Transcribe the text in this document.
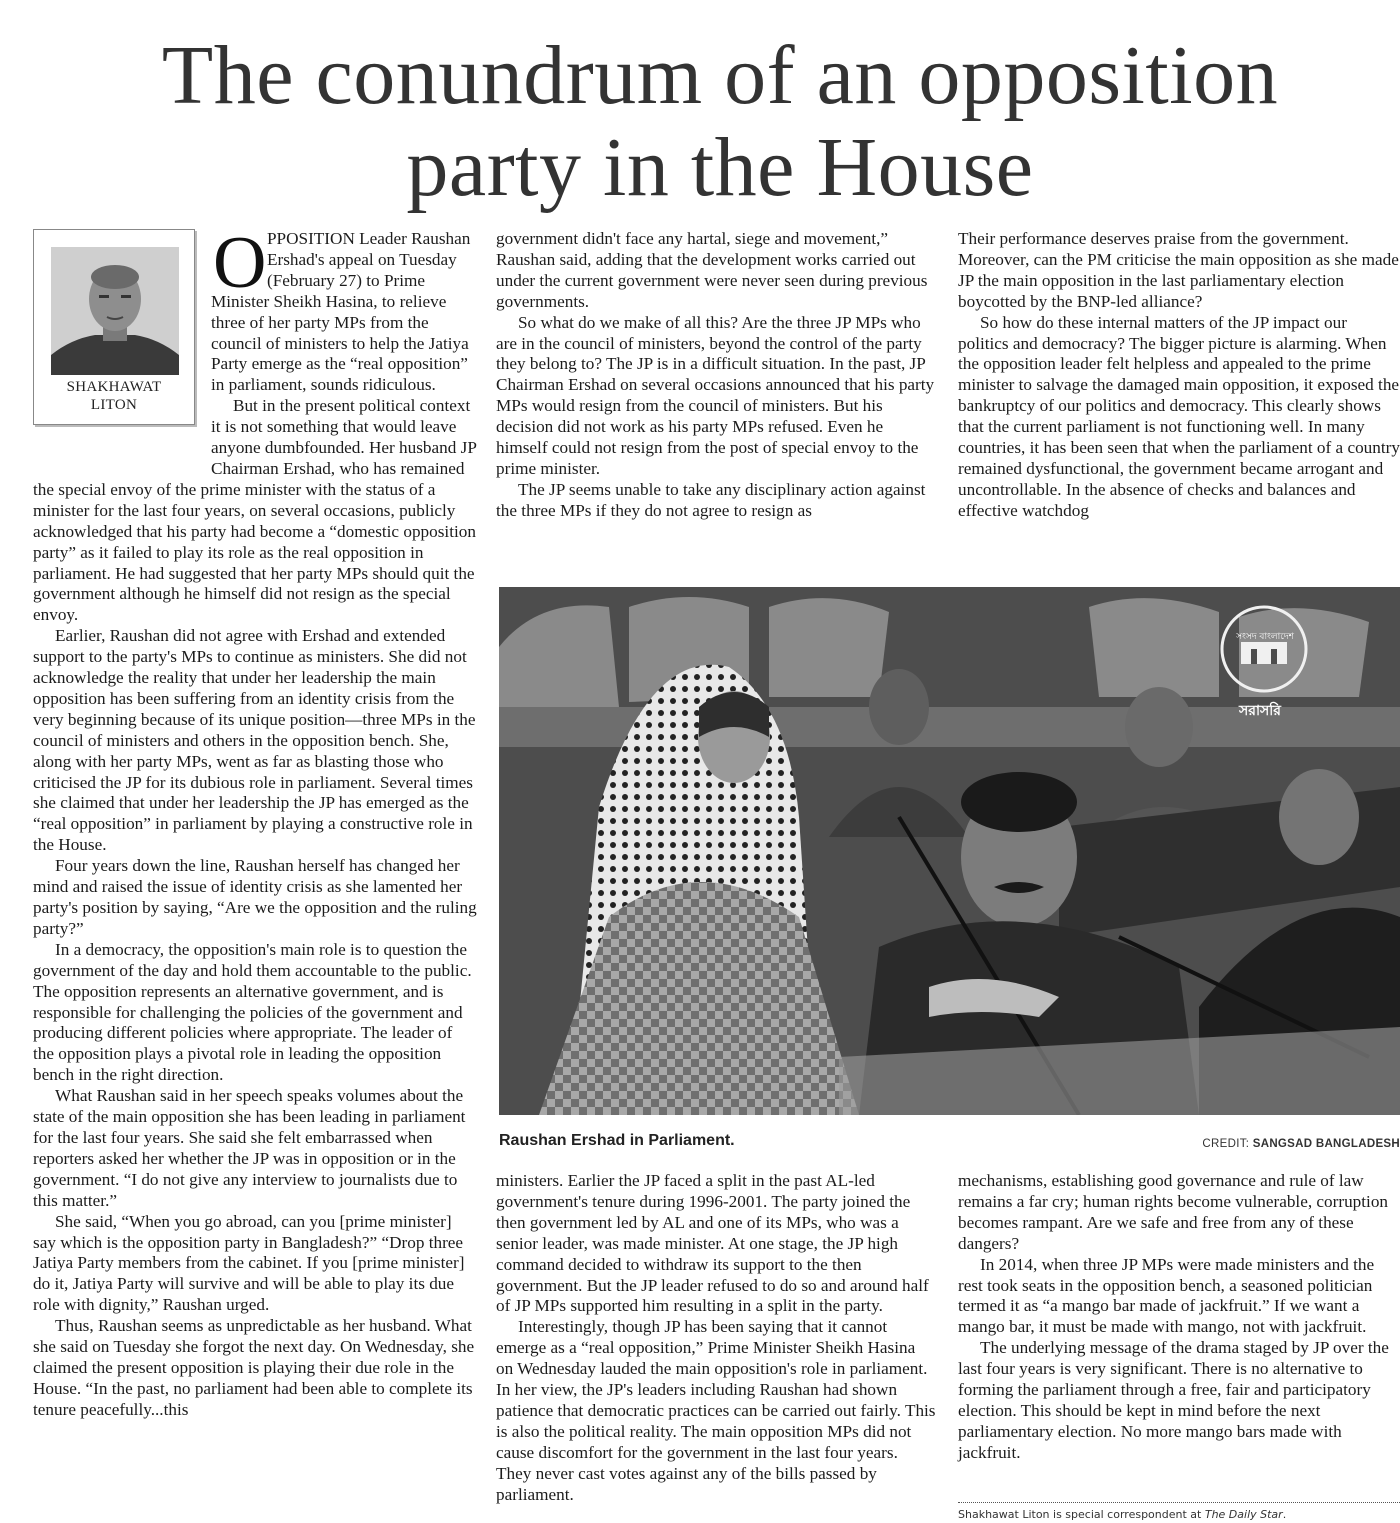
The conundrum of an opposition
party in the House
SHAKHAWAT
LITON
O PPOSITION Leader Raushan Ershad's appeal on Tuesday (February 27) to Prime Minister Sheikh Hasina, to relieve three of her party MPs from the council of ministers to help the Jatiya Party emerge as the “real opposition” in parliament, sounds ridiculous.

But in the present political context it is not something that would leave anyone dumbfounded. Her husband JP Chairman Ershad, who has remained the special envoy of the prime minister with the status of a minister for the last four years, on several occasions, publicly acknowledged that his party had become a “domestic opposition party” as it failed to play its role as the real opposition in parliament. He had suggested that her party MPs should quit the government although he himself did not resign as the special envoy.

Earlier, Raushan did not agree with Ershad and extended support to the party's MPs to continue as ministers. She did not acknowledge the reality that under her leadership the main opposition has been suffering from an identity crisis from the very beginning because of its unique position—three MPs in the council of ministers and others in the opposition bench. She, along with her party MPs, went as far as blasting those who criticised the JP for its dubious role in parliament. Several times she claimed that under her leadership the JP has emerged as the “real opposition” in parliament by playing a constructive role in the House.

Four years down the line, Raushan herself has changed her mind and raised the issue of identity crisis as she lamented her party's position by saying, “Are we the opposition and the ruling party?”

In a democracy, the opposition's main role is to question the government of the day and hold them accountable to the public. The opposition represents an alternative government, and is responsible for challenging the policies of the government and producing different policies where appropriate. The leader of the opposition plays a pivotal role in leading the opposition bench in the right direction.

What Raushan said in her speech speaks volumes about the state of the main opposition she has been leading in parliament for the last four years. She said she felt embarrassed when reporters asked her whether the JP was in opposition or in the government. “I do not give any interview to journalists due to this matter.”

She said, “When you go abroad, can you [prime minister] say which is the opposition party in Bangladesh?” “Drop three Jatiya Party members from the cabinet. If you [prime minister] do it, Jatiya Party will survive and will be able to play its due role with dignity,” Raushan urged.

Thus, Raushan seems as unpredictable as her husband. What she said on Tuesday she forgot the next day. On Wednesday, she claimed the present opposition is playing their due role in the House. “In the past, no parliament had been able to complete its tenure peacefully...this

government didn't face any hartal, siege and movement,” Raushan said, adding that the development works carried out under the current government were never seen during previous governments.

So what do we make of all this? Are the three JP MPs who are in the council of ministers, beyond the control of the party they belong to? The JP is in a difficult situation. In the past, JP Chairman Ershad on several occasions announced that his party MPs would resign from the council of ministers. But his decision did not work as his party MPs refused. Even he himself could not resign from the post of special envoy to the prime minister.

The JP seems unable to take any disciplinary action against the three MPs if they do not agree to resign as

Their performance deserves praise from the government. Moreover, can the PM criticise the main opposition as she made JP the main opposition in the last parliamentary election boycotted by the BNP-led alliance?

So how do these internal matters of the JP impact our politics and democracy? The bigger picture is alarming. When the opposition leader felt helpless and appealed to the prime minister to salvage the damaged main opposition, it exposed the bankruptcy of our politics and democracy. This clearly shows that the current parliament is not functioning well. In many countries, it has been seen that when the parliament of a country remained dysfunctional, the government became arrogant and uncontrollable. In the absence of checks and balances and effective watchdog

সংসদ বাংলাদেশ
সরাসরি
Raushan Ershad in Parliament.	CREDIT: SANGSAD BANGLADESH

ministers. Earlier the JP faced a split in the past AL-led government's tenure during 1996-2001. The party joined the then government led by AL and one of its MPs, who was a senior leader, was made minister. At one stage, the JP high command decided to withdraw its support to the then government. But the JP leader refused to do so and around half of JP MPs supported him resulting in a split in the party.

Interestingly, though JP has been saying that it cannot emerge as a “real opposition,” Prime Minister Sheikh Hasina on Wednesday lauded the main opposition's role in parliament. In her view, the JP's leaders including Raushan had shown patience that democratic practices can be carried out fairly. This is also the political reality. The main opposition MPs did not cause discomfort for the government in the last four years. They never cast votes against any of the bills passed by parliament.

mechanisms, establishing good governance and rule of law remains a far cry; human rights become vulnerable, corruption becomes rampant. Are we safe and free from any of these dangers?

In 2014, when three JP MPs were made ministers and the rest took seats in the opposition bench, a seasoned politician termed it as “a mango bar made of jackfruit.” If we want a mango bar, it must be made with mango, not with jackfruit.

The underlying message of the drama staged by JP over the last four years is very significant. There is no alternative to forming the parliament through a free, fair and participatory election. This should be kept in mind before the next parliamentary election. No more mango bars made with jackfruit.

Shakhawat Liton is special correspondent at The Daily Star.
